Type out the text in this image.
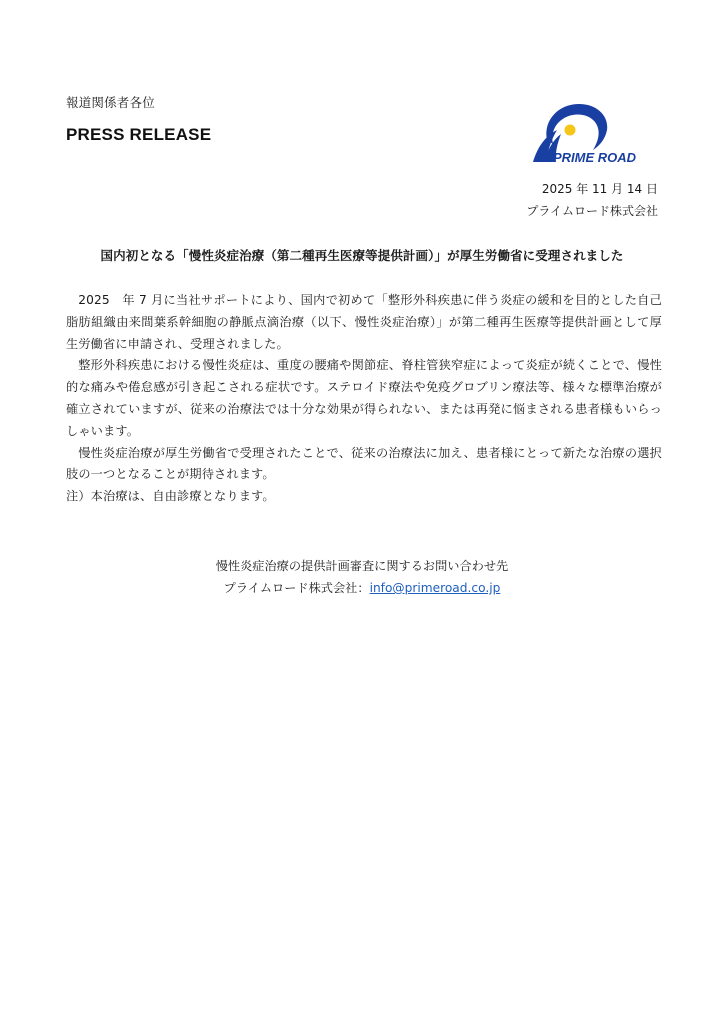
報道関係者各位
PRESS RELEASE
PRIME ROAD
2025 年 11 月 14 日
プライムロード株式会社
国内初となる「慢性炎症治療（第二種再生医療等提供計画）」が厚生労働省に受理されました

2025　年 7 月に当社サポートにより、国内で初めて「整形外科疾患に伴う炎症の緩和を目的とした自己脂肪組織由来間葉系幹細胞の静脈点滴治療（以下、慢性炎症治療）」が第二種再生医療等提供計画として厚生労働省に申請され、受理されました。

整形外科疾患における慢性炎症は、重度の腰痛や関節症、脊柱管狭窄症によって炎症が続くことで、慢性的な痛みや倦怠感が引き起こされる症状です。ステロイド療法や免疫グロブリン療法等、様々な標準治療が確立されていますが、従来の治療法では十分な効果が得られない、または再発に悩まされる患者様もいらっしゃいます。

慢性炎症治療が厚生労働省で受理されたことで、従来の治療法に加え、患者様にとって新たな治療の選択肢の一つとなることが期待されます。

注）本治療は、自由診療となります。

慢性炎症治療の提供計画審査に関するお問い合わせ先
プライムロード株式会社：info@primeroad.co.jp
